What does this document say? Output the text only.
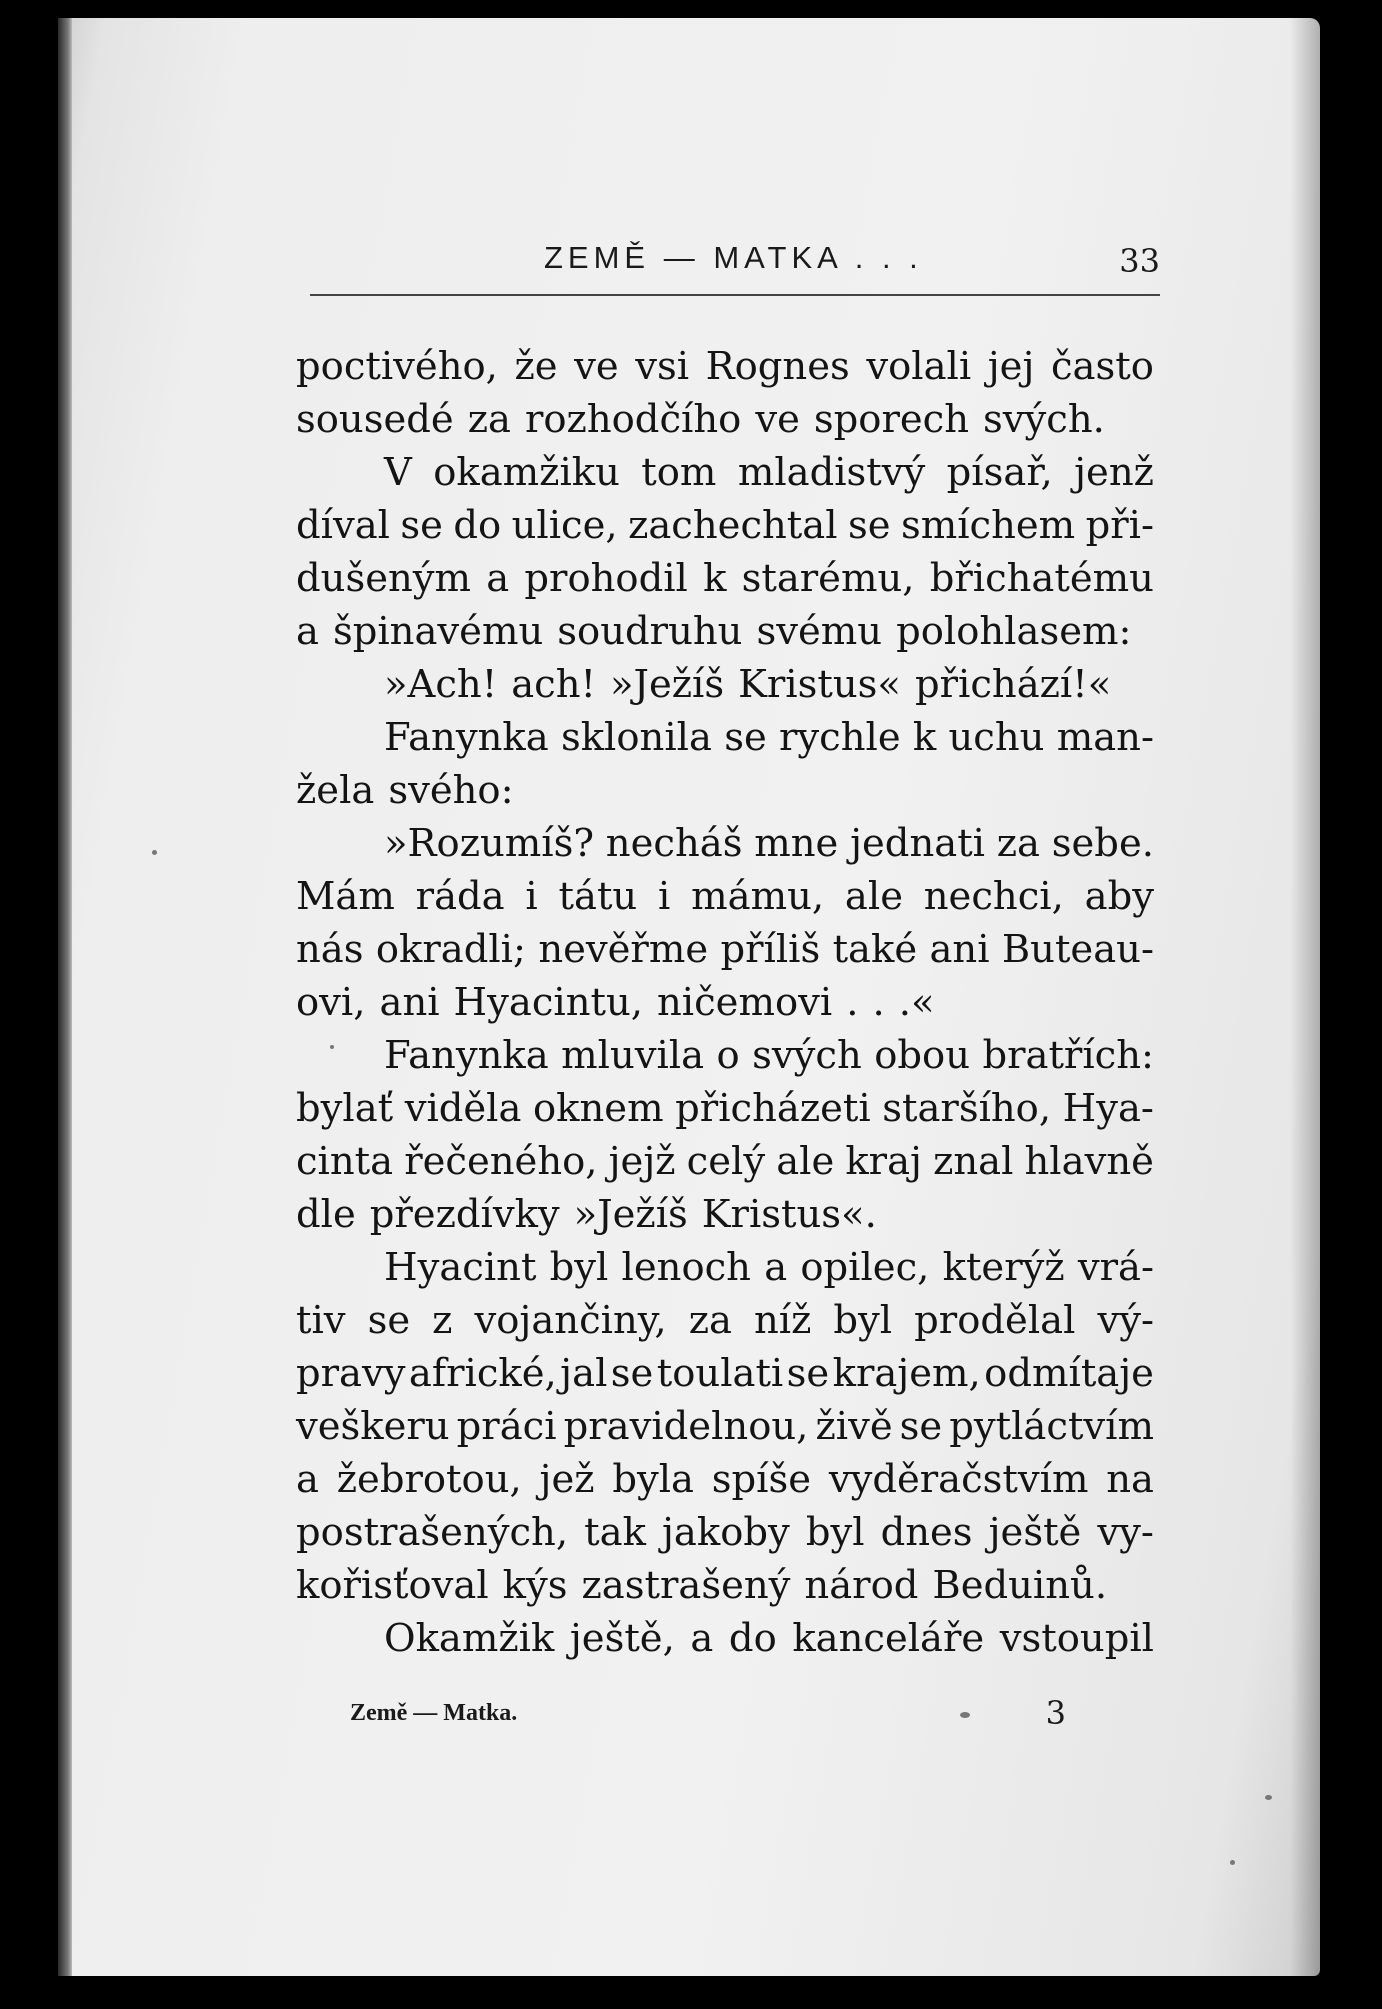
ZEMĚ — MATKA . . .	33
poctivého, že ve vsi Rognes volali jej často
sousedé za rozhodčího ve sporech svých.
V okamžiku tom mladistvý písař, jenž
díval se do ulice, zachechtal se smíchem při-
dušeným a prohodil k starému, břichatému
a špinavému soudruhu svému polohlasem:
»Ach! ach! »Ježíš Kristus« přichází!«
Fanynka sklonila se rychle k uchu man-
žela svého:
»Rozumíš? necháš mne jednati za sebe.
Mám ráda i tátu i mámu, ale nechci, aby
nás okradli; nevěřme příliš také ani Buteau-
ovi, ani Hyacintu, ničemovi . . .«
Fanynka mluvila o svých obou bratřích:
bylať viděla oknem přicházeti staršího, Hya-
cinta řečeného, jejž celý ale kraj znal hlavně
dle přezdívky »Ježíš Kristus«.
Hyacint byl lenoch a opilec, kterýž vrá-
tiv se z vojančiny, za níž byl prodělal vý-
pravy africké, jal se toulati se krajem, odmítaje
veškeru práci pravidelnou, živě se pytláctvím
a žebrotou, jež byla spíše vyděračstvím na
postrašených, tak jakoby byl dnes ještě vy-
kořisťoval kýs zastrašený národ Beduinů.
Okamžik ještě, a do kanceláře vstoupil
Země — Matka.	3
